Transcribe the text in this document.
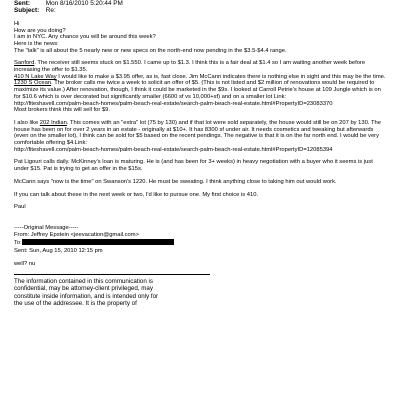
Sent: Mon 8/16/2010 5:20:44 PM
Subject: Re:

Hi

How are you doing?

I am in NYC. Any chance you will be around this week?

Here is the news:

The "talk" is all about the 5 nearly new or new specs on the north-end now pending in the $3.5-$4.4 range.

Sanford. The receiver still seems stuck on $1.550. I came up to $1.3. I think this is a fair deal at $1.4 so I am waiting another week before increasing the offer to $1.35.

410 N Lake Way I would like to make a $3.95 offer, as is, fast close. Jim McCann indicates there is nothing else in sight and this may be the time.

1230 S Ocean. The broker calls me twice a week to solicit an offer of $5. (This is not listed and $2 million of renovations would be required to maximize its value.) After renovation, though, I think it could be marketed in the $9s. I looked at Carroll Petrie's house at 109 Jungle which is on for $10.6 which is over decorated but significantly smaller (6600 sf vs 10,000+sf) and on a smaller lot Link:

http://fiteshavell.com/palm-beach-homes/palm-beach-real-estate/search-palm-beach-real-estate.html#PropertyID=23083370

Most brokers think this will sell for $9.

I also like 202 Indian. This comes with an "extra" lot (75 by 130) and if that lot were sold separately, the house would still be on 207 by 130. The house has been on for over 2 years in an estate - originally at $10+. It has 8300 sf under air. It needs cosmetics and tweaking but afterwards (even on the smaller lot), I think can be sold for $5 based on the recent pendings. The negative is that it is on the far north end. I would be very comfortable offering $4.Link:

http://fiteshavell.com/palm-beach-homes/palm-beach-real-estate/search-palm-beach-real-estate.html#PropertyID=12085394

Pat Ligouri calls daily. McKinney's loan is maturing. He is (and has been for 3+ weeks) in heavy negotiation with a buyer who it seems is just under $15. Pat is trying to get an offer in the $15s.

McCann says "now is the time" on Swanson's 1220. He must be sweating. I think anything close to taking him out would work.

If you can talk about these in the next week or two, I'd like to pursue one. My first choice is 410.

Paul

-----Original Message-----

From: Jeffrey Epstein <jeevacation@gmail.com>

To:

Sent: Sun, Aug 15, 2010 12:15 pm

well? nu

The information contained in this communication is

confidential, may be attorney-client privileged, may

constitute inside information, and is intended only for

the use of the addressee. It is the property of
